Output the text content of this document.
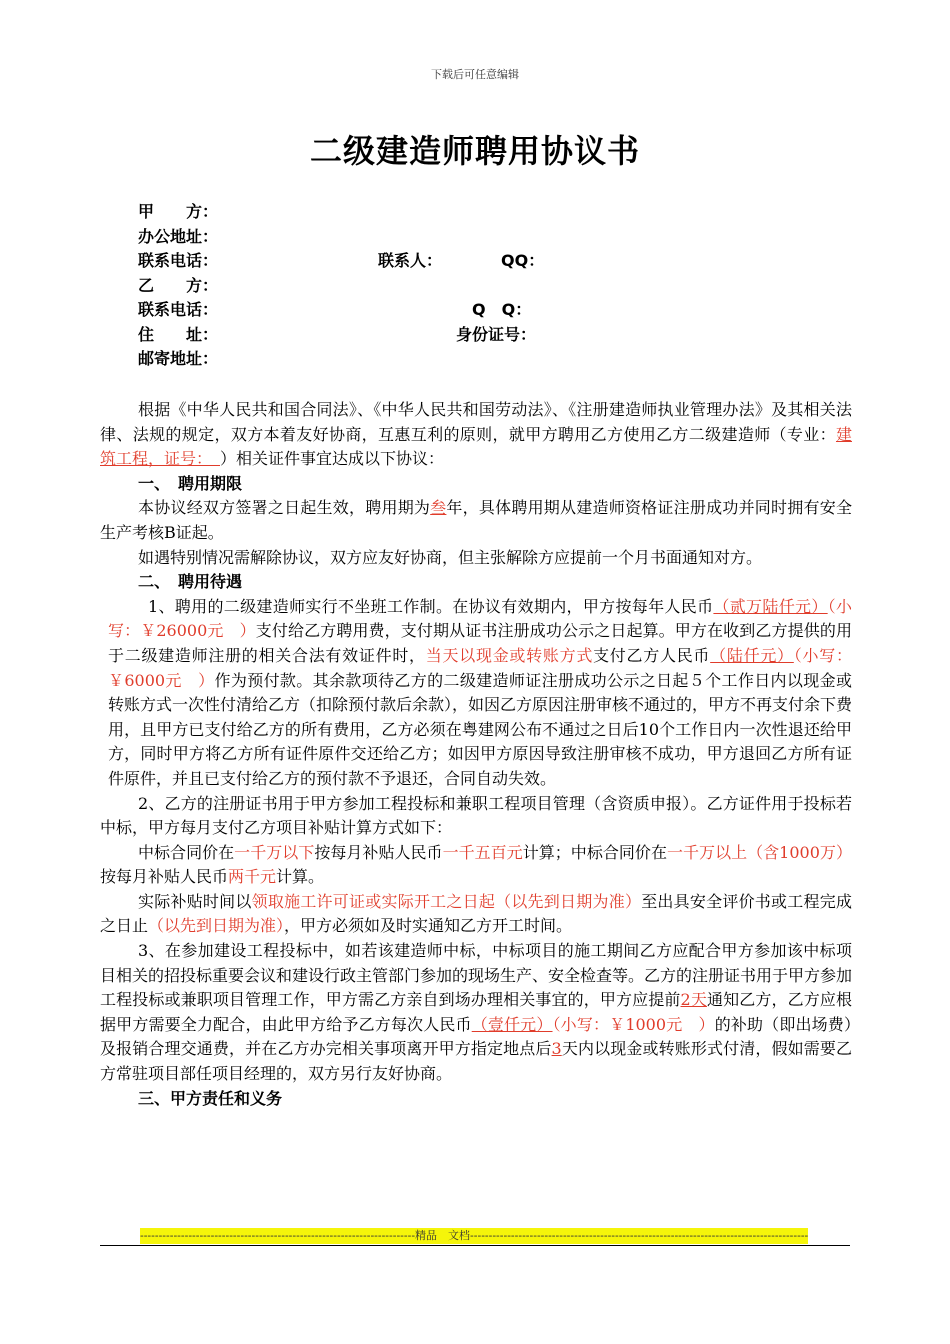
下载后可任意编辑
二级建造师聘用协议书
甲　　方：
办公地址：
联系电话：	联系人：	QQ：
乙　　方：
联系电话：	Q　Q：
住　　址：	身份证号：
邮寄地址：

根据《中华人民共和国合同法》、《中华人民共和国劳动法》、《注册建造师执业管理办法》及其相关法律、法规的规定，双方本着友好协商，互惠互利的原则，就甲方聘用乙方使用乙方二级建造师（专业：建筑工程，证号：　）相关证件事宜达成以下协议：

一、　聘用期限

本协议经双方签署之日起生效，聘用期为叁年，具体聘用期从建造师资格证注册成功并同时拥有安全生产考核B证起。

如遇特别情况需解除协议，双方应友好协商，但主张解除方应提前一个月书面通知对方。

二、　聘用待遇

1、聘用的二级建造师实行不坐班工作制。在协议有效期内，甲方按每年人民币（贰万陆仟元）（小写：￥26000元　）支付给乙方聘用费，支付期从证书注册成功公示之日起算。甲方在收到乙方提供的用于二级建造师注册的相关合法有效证件时，当天以现金或转账方式支付乙方人民币（陆仟元）（小写：￥6000元　）作为预付款。其余款项待乙方的二级建造师证注册成功公示之日起５个工作日内以现金或转账方式一次性付清给乙方（扣除预付款后余款），如因乙方原因注册审核不通过的，甲方不再支付余下费用，且甲方已支付给乙方的所有费用，乙方必须在粤建网公布不通过之日后10个工作日内一次性退还给甲方，同时甲方将乙方所有证件原件交还给乙方；如因甲方原因导致注册审核不成功，甲方退回乙方所有证件原件，并且已支付给乙方的预付款不予退还，合同自动失效。

2、乙方的注册证书用于甲方参加工程投标和兼职工程项目管理（含资质申报）。乙方证件用于投标若中标，甲方每月支付乙方项目补贴计算方式如下：

中标合同价在一千万以下按每月补贴人民币一千五百元计算；中标合同价在一千万以上（含1000万）按每月补贴人民币两千元计算。

实际补贴时间以领取施工许可证或实际开工之日起（以先到日期为准）至出具安全评价书或工程完成之日止（以先到日期为准），甲方必须如及时实通知乙方开工时间。

3、在参加建设工程投标中，如若该建造师中标，中标项目的施工期间乙方应配合甲方参加该中标项目相关的招投标重要会议和建设行政主管部门参加的现场生产、安全检查等。乙方的注册证书用于甲方参加工程投标或兼职项目管理工作，甲方需乙方亲自到场办理相关事宜的，甲方应提前2天通知乙方，乙方应根据甲方需要全力配合，由此甲方给予乙方每次人民币（壹仟元）（小写：￥1000元　）的补助（即出场费）及报销合理交通费，并在乙方办完相关事项离开甲方指定地点后3天内以现金或转账形式付清，假如需要乙方常驻项目部任项目经理的，双方另行友好协商。

三、甲方责任和义务

--------------------------------------------------------------------------精品　文档-------------------------------------------------------------------------------------------
